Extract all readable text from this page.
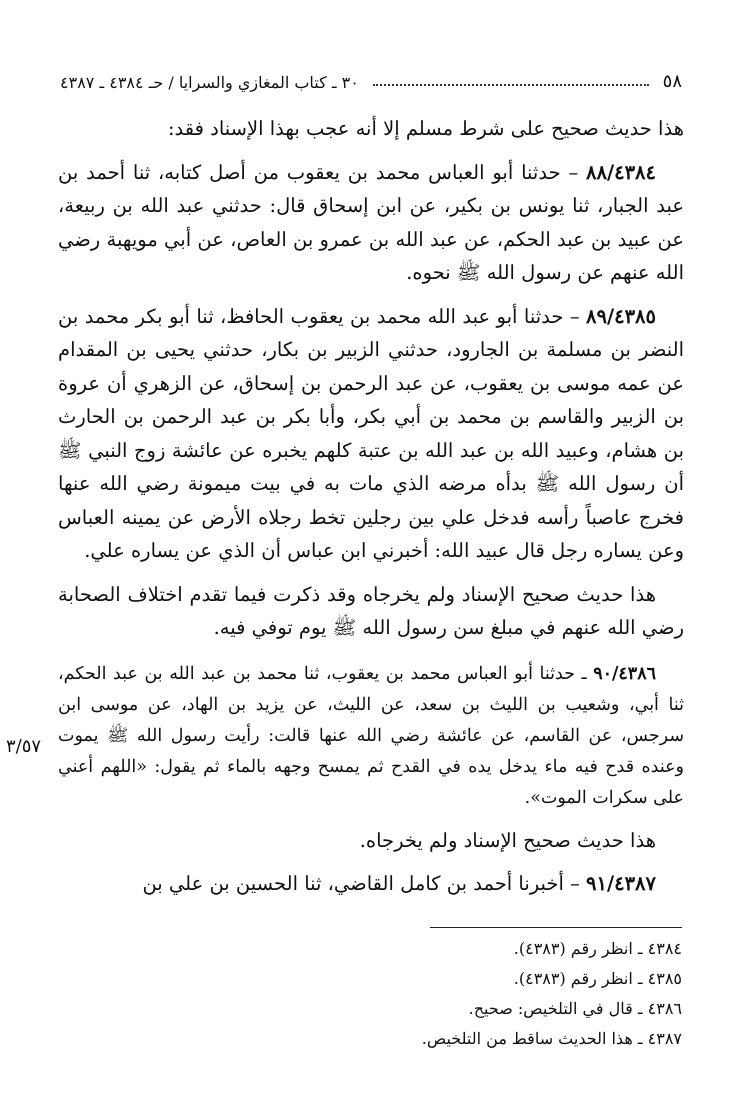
٥٨
٣٠ ـ كتاب المغازي والسرايا / حـ ٤٣٨٤ ـ ٤٣٨٧

هذا حديث صحيح على شرط مسلم إلا أنه عجب بهذا الإسناد فقد:

٨٨/٤٣٨٤ – حدثنا أبو العباس محمد بن يعقوب من أصل كتابه، ثنا أحمد بن عبد الجبار، ثنا يونس بن بكير، عن ابن إسحاق قال: حدثني عبد الله بن ربيعة، عن عبيد بن عبد الحكم، عن عبد الله بن عمرو بن العاص، عن أبي مويهبة رضي الله عنهم عن رسول الله ﷺ نحوه.

٨٩/٤٣٨٥ – حدثنا أبو عبد الله محمد بن يعقوب الحافظ، ثنا أبو بكر محمد بن النضر بن مسلمة بن الجارود، حدثني الزبير بن بكار، حدثني يحيى بن المقدام عن عمه موسى بن يعقوب، عن عبد الرحمن بن إسحاق، عن الزهري أن عروة بن الزبير والقاسم بن محمد بن أبي بكر، وأبا بكر بن عبد الرحمن بن الحارث بن هشام، وعبيد الله بن عبد الله بن عتبة كلهم يخبره عن عائشة زوج النبي ﷺ أن رسول الله ﷺ بدأه مرضه الذي مات به في بيت ميمونة رضي الله عنها فخرج عاصباً رأسه فدخل علي بين رجلين تخط رجلاه الأرض عن يمينه العباس وعن يساره رجل قال عبيد الله: أخبرني ابن عباس أن الذي عن يساره علي.

هذا حديث صحيح الإسناد ولم يخرجاه وقد ذكرت فيما تقدم اختلاف الصحابة رضي الله عنهم في مبلغ سن رسول الله ﷺ يوم توفي فيه.

٩٠/٤٣٨٦ ـ حدثنا أبو العباس محمد بن يعقوب، ثنا محمد بن عبد الله بن عبد الحكم، ثنا أبي، وشعيب بن الليث بن سعد، عن الليث، عن يزيد بن الهاد، عن موسى ابن سرجس، عن القاسم، عن عائشة رضي الله عنها قالت: رأيت رسول الله ﷺ يموت وعنده قدح فيه ماء يدخل يده في القدح ثم يمسح وجهه بالماء ثم يقول: «اللهم أعني على سكرات الموت».

هذا حديث صحيح الإسناد ولم يخرجاه.

٩١/٤٣٨٧ – أخبرنا أحمد بن كامل القاضي، ثنا الحسين بن علي بن

٣/٥٧
٤٣٨٤ ـ انظر رقم (٤٣٨٣).
٤٣٨٥ ـ انظر رقم (٤٣٨٣).
٤٣٨٦ ـ قال في التلخيص: صحيح.
٤٣٨٧ ـ هذا الحديث ساقط من التلخيص.
